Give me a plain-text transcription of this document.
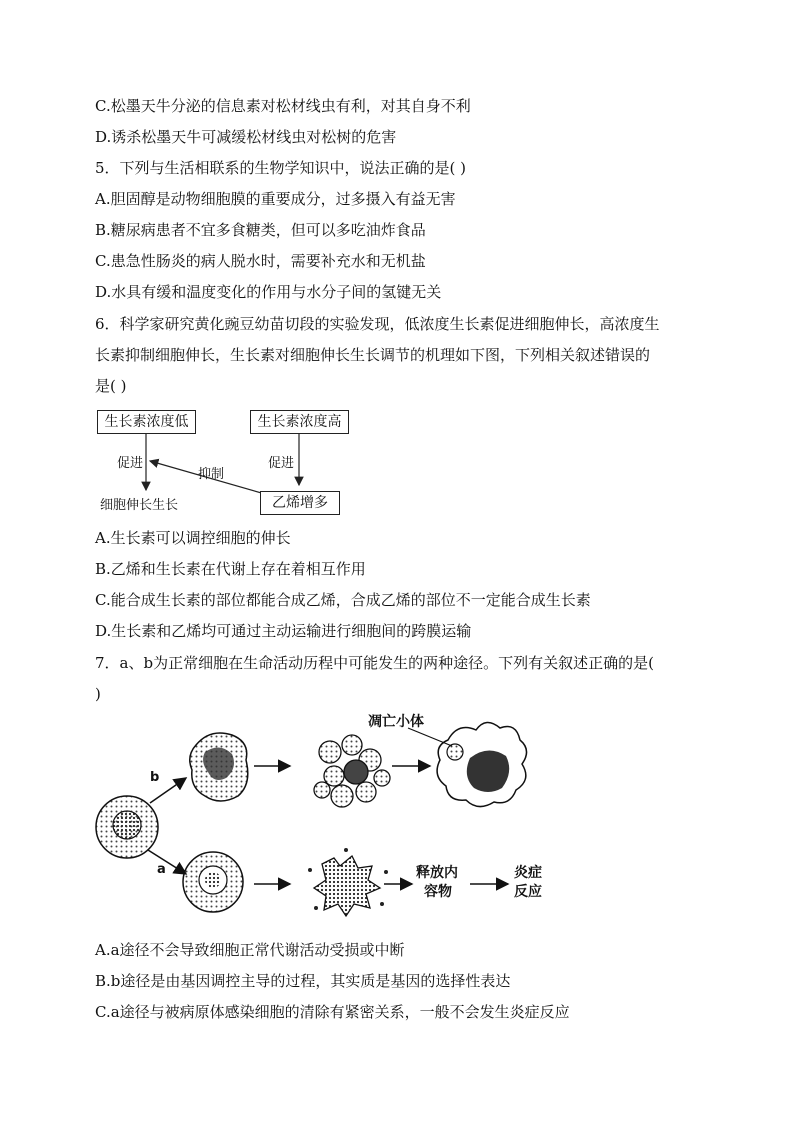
C.松墨天牛分泌的信息素对松材线虫有利，对其自身不利
D.诱杀松墨天牛可减缓松材线虫对松树的危害
5．下列与生活相联系的生物学知识中，说法正确的是( )
A.胆固醇是动物细胞膜的重要成分，过多摄入有益无害
B.糖尿病患者不宜多食糖类，但可以多吃油炸食品
C.患急性肠炎的病人脱水时，需要补充水和无机盐
D.水具有缓和温度变化的作用与水分子间的氢键无关
6．科学家研究黄化豌豆幼苗切段的实验发现，低浓度生长素促进细胞伸长，高浓度生
长素抑制细胞伸长，生长素对细胞伸长生长调节的机理如下图，下列相关叙述错误的
是( )
生长素浓度低	生长素浓度高
促进	促进
抑制
细胞伸长生长	乙烯增多
A.生长素可以调控细胞的伸长
B.乙烯和生长素在代谢上存在着相互作用
C.能合成生长素的部位都能合成乙烯，合成乙烯的部位不一定能合成生长素
D.生长素和乙烯均可通过主动运输进行细胞间的跨膜运输
7．a、b为正常细胞在生命活动历程中可能发生的两种途径。下列有关叙述正确的是(
)
凋亡小体
b
a	释放内
容物
炎症
反应
A.a途径不会导致细胞正常代谢活动受损或中断
B.b途径是由基因调控主导的过程，其实质是基因的选择性表达
C.a途径与被病原体感染细胞的清除有紧密关系，一般不会发生炎症反应
